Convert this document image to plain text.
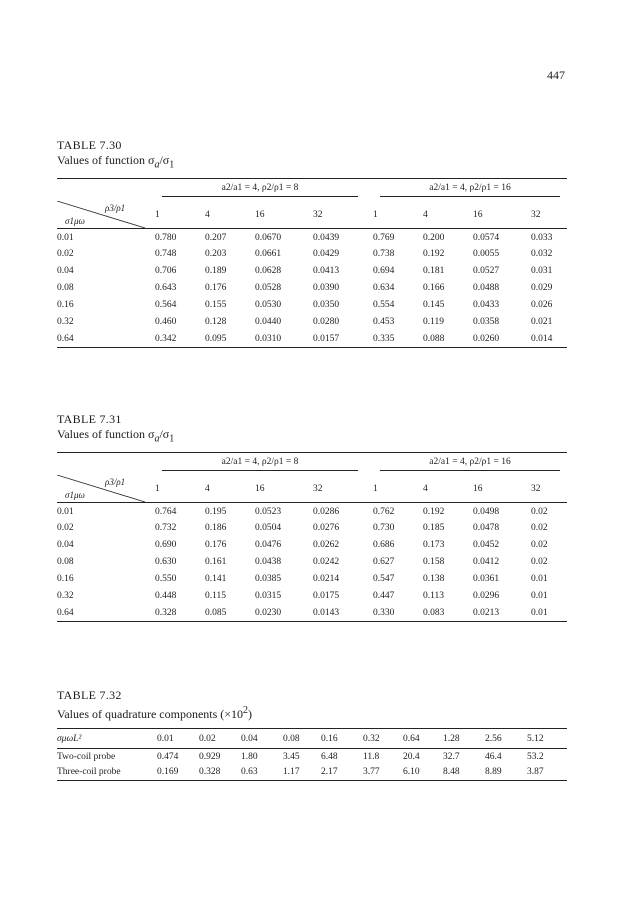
447
TABLE 7.30
Values of function $\sigma_a/\sigma_1$
	a2/a1 = 4, ρ2/ρ1 = 8					a2/a1 = 4, ρ2/ρ1 = 16			

ρ3/ρ1
σ1μω	1	4	16	32		1	4	16	32
0.01	0.780	0.207	0.0670	0.0439		0.769	0.200	0.0574	0.033
0.02	0.748	0.203	0.0661	0.0429		0.738	0.192	0.0055	0.032
0.04	0.706	0.189	0.0628	0.0413		0.694	0.181	0.0527	0.031
0.08	0.643	0.176	0.0528	0.0390		0.634	0.166	0.0488	0.029
0.16	0.564	0.155	0.0530	0.0350		0.554	0.145	0.0433	0.026
0.32	0.460	0.128	0.0440	0.0280		0.453	0.119	0.0358	0.021
0.64	0.342	0.095	0.0310	0.0157		0.335	0.088	0.0260	0.014
TABLE 7.31
Values of function $\sigma_a/\sigma_1$
	a2/a1 = 4, ρ2/ρ1 = 8					a2/a1 = 4, ρ2/ρ1 = 16			

ρ3/ρ1
σ1μω	1	4	16	32		1	4	16	32
0.01	0.764	0.195	0.0523	0.0286		0.762	0.192	0.0498	0.02
0.02	0.732	0.186	0.0504	0.0276		0.730	0.185	0.0478	0.02
0.04	0.690	0.176	0.0476	0.0262		0.686	0.173	0.0452	0.02
0.08	0.630	0.161	0.0438	0.0242		0.627	0.158	0.0412	0.02
0.16	0.550	0.141	0.0385	0.0214		0.547	0.138	0.0361	0.01
0.32	0.448	0.115	0.0315	0.0175		0.447	0.113	0.0296	0.01
0.64	0.328	0.085	0.0230	0.0143		0.330	0.083	0.0213	0.01
TABLE 7.32
Values of quadrature components $(\times 10^2)$
σμωL²	0.01	0.02	0.04	0.08	0.16	0.32	0.64	1.28	2.56	5.12
Two-coil probe	0.474	0.929	1.80	3.45	6.48	11.8	20.4	32.7	46.4	53.2
Three-coil probe	0.169	0.328	0.63	1.17	2.17	3.77	6.10	8.48	8.89	3.87
